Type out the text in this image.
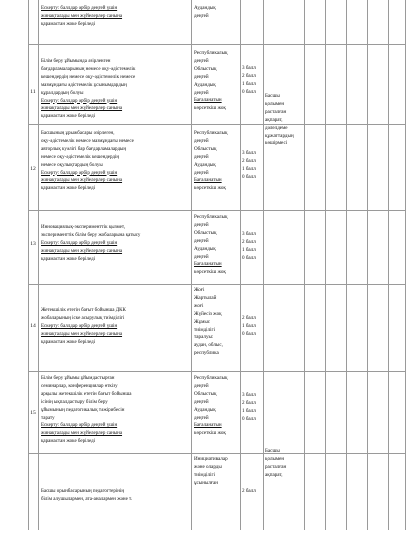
Ескерту: баллдар әрбір деңгей үшін

жинақталады мен жүйелерлер санына

қарамастан жоке беріледі

Аудандық
деңгей
11

Білім беру ұйымында әзірленген

бағдарламаларының немесе оқу-әдістемелік

кешендердің немесе оқу-әдістемелік немесе

мазмұндағы әдістемелік ұсынымдардың

құралдардың болуы

Ескерту: баллдар әрбір деңгей үшін

жинақталады мен жүйелерлер санына

қарамастан жоке беріледі

Республикалық
деңгей
Облыстық
деңгей
Аудандық
деңгей
Бағаланатын
көрсеткіш жоқ
3 балл
2 балл
1 балл
0 балл
Басшы
қолымен
расталған
ақпарат,
дәлелдеме
құжаттардың
көшірмесі
12

Басшының ұрыжбасары әзірлеген,

оқу-әдістемелік немесе мазмұндағы немесе

авторлық куәлігі бар бағдарламалардың

немесе оқу-әдістемелік кешендердің

немесе оқулықтардың болуы

Ескерту: баллдар әрбір деңгей үшін

жинақталады мен жүйелерлер санына

қарамастан жоке беріледі

Республикалық
деңгей
Облыстық
деңгей
Аудандық
деңгей
Бағаланатын
көрсеткіш жоқ
3 балл
2 балл
1 балл
0 балл
13

Инновациялық-эксперименттік қызмет,

эксперименттік білім беру жобаларына қатысу

Ескерту: баллдар әрбір деңгей үшін

жинақталады мен жүйелерлер санына

қарамастан жоке беріледі

Республикалық
деңгей
Облыстық
деңгей
Аудандық
деңгей
Бағаланатын
көрсеткіш жоқ
3 балл
2 балл
1 балл
0 балл
14

Жетекшілік етегін бағыт бойынша ДКК

жобаларының іске асырулық тиімділігі

Ескерту: баллдар әрбір деңгей үшін

жинақталады мен жүйелерлер санына

қарамастан жоке беріледі

Жоғі
Жартылай
жоғі
Жүйесіз жоқ
Жұмыс
тиімділігі
таралуы:
аудан, облыс,
республика
2 балл
1 балл
0 балл
15

Білім беру ұйымы ұйымдастырған

семинарлар, конференциялар өткізу

арқылы жетекшілік ететін бағыт бойынша

ісінің ықпалдастыру білім беру

ұйымының педагогикалық тәжірибесін

тарату

Ескерту: баллдар әрбір деңгей үшін

жинақталады мен жүйелерлер санына

қарамастан жоке беріледі

Республикалық
деңгей
Облыстық
деңгей
Аудандық
деңгей
Бағаланатын
көрсеткіш жоқ
3 балл
2 балл
1 балл
0 балл

Басшы орынбасарының педагогтерінің

білім алушылармен, ата-аналармен және т.

Инициативалар
және оларды
тиімділігі
ұсынылған

2 балл
Басшы
қолымен
расталған
ақпарат,
